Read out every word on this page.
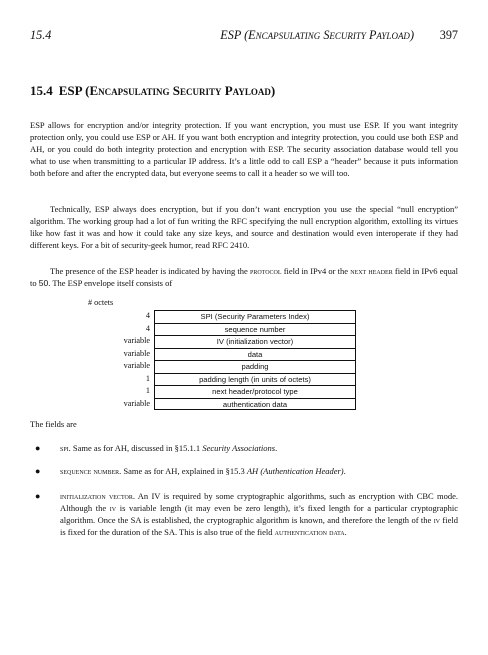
15.4	ESP (Encapsulating Security Payload) 397
15.4 ESP (Encapsulating Security Payload)

ESP allows for encryption and/or integrity protection. If you want encryption, you must use ESP. If you want integrity protection only, you could use ESP or AH. If you want both encryption and integrity protection, you could use both ESP and AH, or you could do both integrity protection and encryption with ESP. The security association database would tell you what to use when transmitting to a particular IP address. It’s a little odd to call ESP a “header” because it puts information both before and after the encrypted data, but everyone seems to call it a header so we will too.

Technically, ESP always does encryption, but if you don’t want encryption you use the special “null encryption” algorithm. The working group had a lot of fun writing the RFC specifying the null encryption algorithm, extolling its virtues like how fast it was and how it could take any size keys, and source and destination would even interoperate if they had different keys. For a bit of security-geek humor, read RFC 2410.

The presence of the ESP header is indicated by having the protocol field in IPv4 or the next header field in IPv6 equal to 50. The ESP envelope itself consists of

# octets
4	SPI (Security Parameters Index)
4	sequence number
variable	IV (initialization vector)
variable	data
variable	padding
1	padding length (in units of octets)
1	next header/protocol type
variable	authentication data
The fields are
● spi. Same as for AH, discussed in §15.1.1 Security Associations.
● sequence number. Same as for AH, explained in §15.3 AH (Authentication Header).
● initialization vector. An IV is required by some cryptographic algorithms, such as encryption with CBC mode. Although the iv is variable length (it may even be zero length), it’s fixed length for a particular cryptographic algorithm. Once the SA is established, the cryptographic algorithm is known, and therefore the length of the iv field is fixed for the duration of the SA. This is also true of the field authentication data.
